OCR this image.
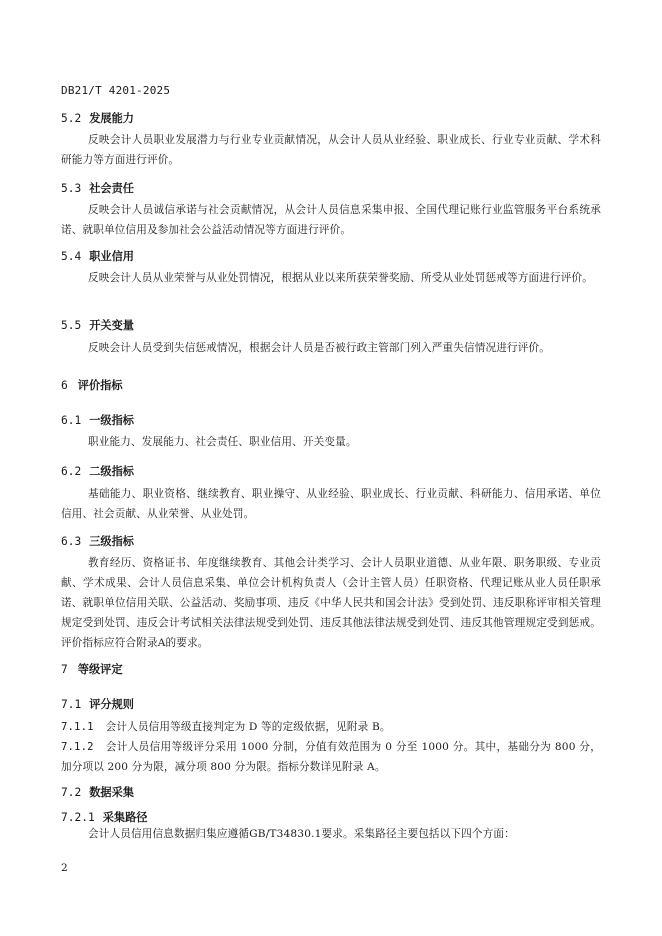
DB21/T 4201-2025
5.2 发展能力
反映会计人员职业发展潜力与行业专业贡献情况，从会计人员从业经验、职业成长、行业专业贡献、学术科研能力等方面进行评价。
5.3 社会责任
反映会计人员诚信承诺与社会贡献情况，从会计人员信息采集申报、全国代理记账行业监管服务平台系统承诺、就职单位信用及参加社会公益活动情况等方面进行评价。
5.4 职业信用
反映会计人员从业荣誉与从业处罚情况，根据从业以来所获荣誉奖励、所受从业处罚惩戒等方面进行评价。
5.5 开关变量
反映会计人员受到失信惩戒情况，根据会计人员是否被行政主管部门列入严重失信情况进行评价。
6 评价指标
6.1 一级指标
职业能力、发展能力、社会责任、职业信用、开关变量。
6.2 二级指标
基础能力、职业资格、继续教育、职业操守、从业经验、职业成长、行业贡献、科研能力、信用承诺、单位信用、社会贡献、从业荣誉、从业处罚。
6.3 三级指标
教育经历、资格证书、年度继续教育、其他会计类学习、会计人员职业道德、从业年限、职务职级、专业贡献、学术成果、会计人员信息采集、单位会计机构负责人（会计主管人员）任职资格、代理记账从业人员任职承诺、就职单位信用关联、公益活动、奖励事项、违反《中华人民共和国会计法》受到处罚、违反职称评审相关管理规定受到处罚、违反会计考试相关法律法规受到处罚、违反其他法律法规受到处罚、违反其他管理规定受到惩戒。评价指标应符合附录A的要求。
7 等级评定
7.1 评分规则
7.1.1 会计人员信用等级直接判定为 D 等的定级依据，见附录 B。
7.1.2 会计人员信用等级评分采用 1000 分制，分值有效范围为 0 分至 1000 分。其中，基础分为 800 分，加分项以 200 分为限，减分项 800 分为限。指标分数详见附录 A。
7.2 数据采集
7.2.1 采集路径
会计人员信用信息数据归集应遵循GB/T34830.1要求。采集路径主要包括以下四个方面：
2
